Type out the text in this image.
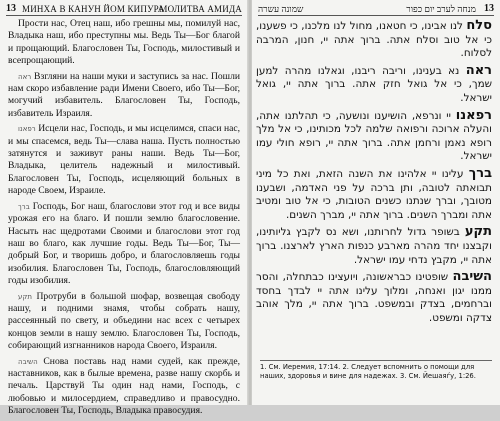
13 МИНХА В КАНУН ЙОМ КИПУРА
МОЛИТВА АМИДА

Прости нас, Отец наш, ибо грешны мы, помилуй нас, Владыка наш, ибо преступны мы. Ведь Ты—Бог благой и прощающий. Благословен Ты, Господь, милостивый и всепрощающий.

ראה Взгляни на наши муки и заступись за нас. Пошли нам скоро избавление ради Имени Своего, ибо Ты—Бог, могучий избавитель. Благословен Ты, Господь, избавитель Израиля.

רפאנו Исцели нас, Господь, и мы исцелимся, спаси нас, и мы спасемся, ведь Ты—слава наша. Пусть полностью затянутся и заживут раны наши. Ведь Ты—Бог, Владыка, целитель надежный и милостивый. Благословен Ты, Господь, исцеляющий больных в народе Своем, Израиле.

ברך Господь, Бог наш, благослови этот год и все виды урожая его на благо. И пошли землю благословение. Насыть нас щедротами Своими и благослови этот год наш во благо, как лучшие годы. Ведь Ты—Бог, Ты—добрый Бог, и творишь добро, и благословляешь годы изобилия. Благословен Ты, Господь, благословляющий годы изобилия.

תקע Протруби в большой шофар, возвещая свободу нашу, и подними знамя, чтобы собрать нашу, рассеянный по свету, и объедини нас всех с четырех концов земли в нашу землю. Благословен Ты, Господь, собирающий изгнанников народа Своего, Израиля.

השיבה Снова поставь над нами судей, как прежде, наставников, как в былые времена, разве нашу скорбь и печаль. Царствуй Ты один над нами, Господь, с любовью и милосердием, справедливо и правосудно. Благословен Ты, Господь, Владыка правосудия.

13
מנחה לערב יום כפור
שמונה עשרה

סלח לנו אבינו, כי חטאנו, מחול לנו מלכנו, כי פשענו, כי אל טוב וסלח אתה. ברוך אתה יי, חנון, המרבה לסלוח.

ראה נא בענינו, וריבה ריבנו, וגאלנו מהרה למען שמך, כי אל גואל חזק אתה. ברוך אתה יי, גואל ישראל.

רפאנו יי ונרפא, הושיענו ונושעה, כי תהלתנו אתה, והעלה ארוכה ורפואה שלמה לכל מכותינו, כי אל מלך רופא נאמן ורחמן אתה. ברוך אתה יי, רופא חולי עמו ישראל.

ברך עלינו יי אלהינו את השנה הזאת, ואת כל מיני תבואתה לטובה, ותן ברכה על פני האדמה, ושבענו מטובך, וברך שנתנו כשנים הטובות, כי אל טוב ומטיב אתה ומברך השנים. ברוך אתה יי, מברך השנים.

תקע בשופר גדול לחרותנו, ושא נס לקבץ גליותינו, וקבצנו יחד מהרה מארבע כנפות הארץ לארצנו. ברוך אתה יי, מקבץ נדחי עמו ישראל.

השיבה שופטינו כבראשונה, ויועצינו כבתחלה, והסר ממנו יגון ואנחה, ומלוך עלינו אתה יי לבדך בחסד וברחמים, בצדק ובמשפט. ברוך אתה יי, מלך אוהב צדקה ומשפט.

1. См. Иеремия, 17:14. 2. Следует вспомнить о помощи для наших, здоровья и вине для надежах. 3. См. Йешаяѓу, 1:26.
